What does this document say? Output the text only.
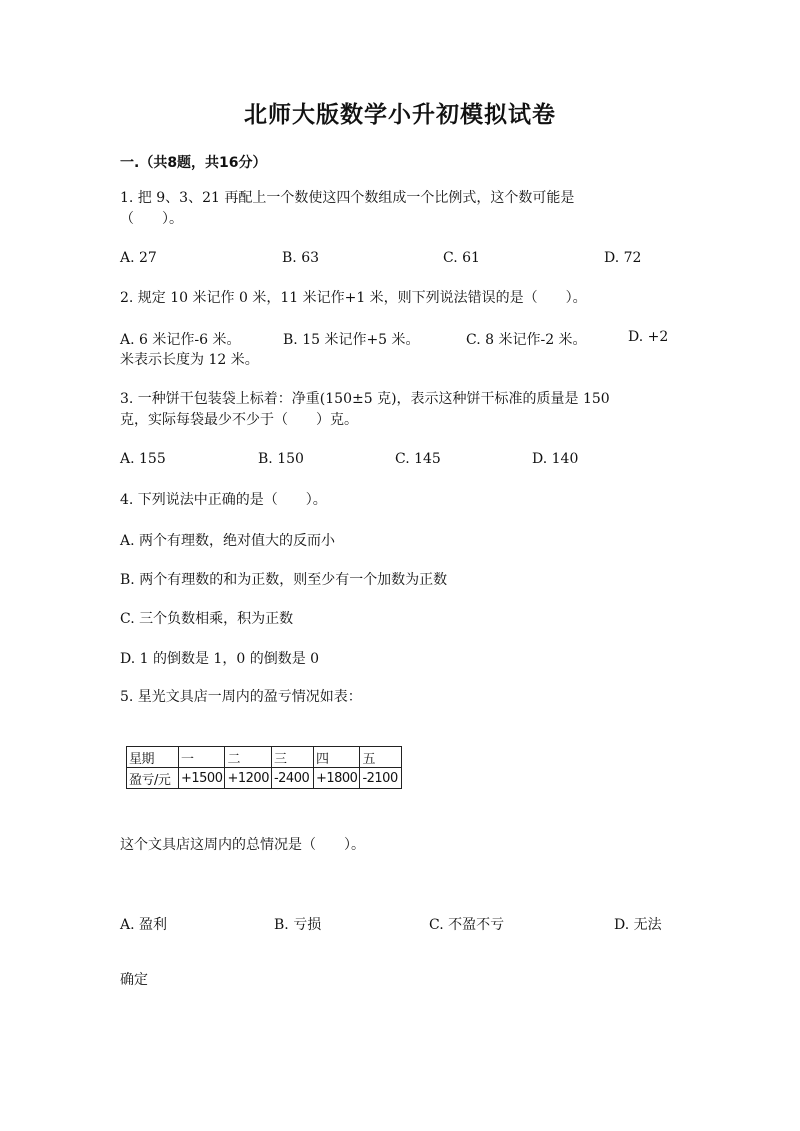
北师大版数学小升初模拟试卷
一.（共8题，共16分）
1. 把 9、3、21 再配上一个数使这四个数组成一个比例式，这个数可能是
（　　）。
A. 27	B. 63	C. 61	D. 72
2. 规定 10 米记作 0 米，11 米记作+1 米，则下列说法错误的是（　　）。
A. 6 米记作-6 米。	B. 15 米记作+5 米。	C. 8 米记作-2 米。	D. +2
米表示长度为 12 米。
3. 一种饼干包装袋上标着：净重(150±5 克)，表示这种饼干标准的质量是 150
克，实际每袋最少不少于（　　）克。
A. 155	B. 150	C. 145	D. 140
4. 下列说法中正确的是（　　）。
A. 两个有理数，绝对值大的反而小
B. 两个有理数的和为正数，则至少有一个加数为正数
C. 三个负数相乘，积为正数
D. 1 的倒数是 1，0 的倒数是 0
5. 星光文具店一周内的盈亏情况如表：
星期	一	二	三	四	五
盈亏/元	+1500	+1200	-2400	+1800	-2100
这个文具店这周内的总情况是（　　）。
A. 盈利	B. 亏损	C. 不盈不亏	D. 无法
确定
